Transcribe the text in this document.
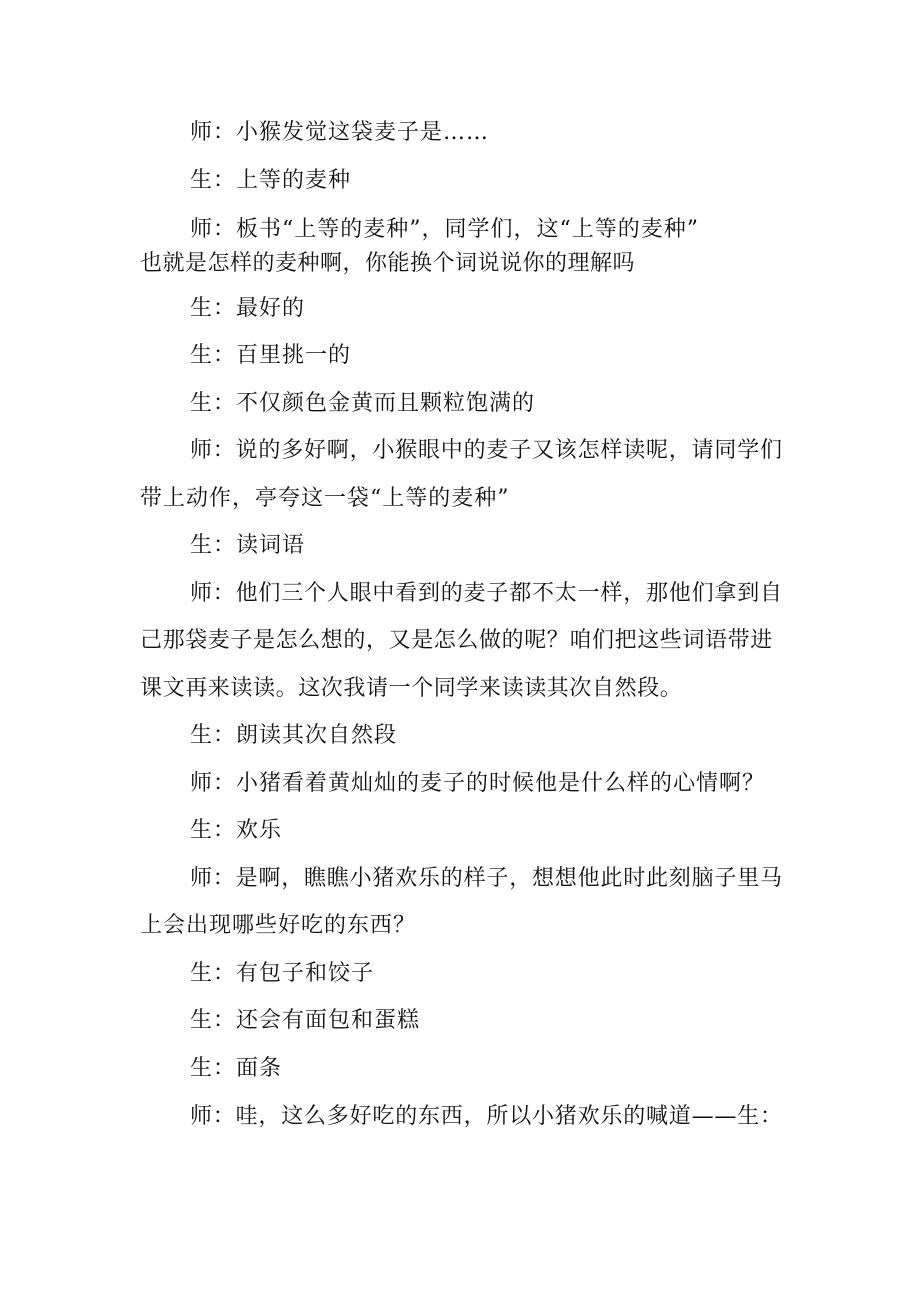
师：小猴发觉这袋麦子是……
生：上等的麦种
师：板书“上等的麦种”，同学们，这“上等的麦种”
也就是怎样的麦种啊，你能换个词说说你的理解吗
生：最好的
生：百里挑一的
生：不仅颜色金黄而且颗粒饱满的
师：说的多好啊，小猴眼中的麦子又该怎样读呢，请同学们
带上动作，亭夸这一袋“上等的麦种”
生：读词语
师：他们三个人眼中看到的麦子都不太一样，那他们拿到自
己那袋麦子是怎么想的，又是怎么做的呢？咱们把这些词语带进
课文再来读读。这次我请一个同学来读读其次自然段。
生：朗读其次自然段
师：小猪看着黄灿灿的麦子的时候他是什么样的心情啊？
生：欢乐
师：是啊，瞧瞧小猪欢乐的样子，想想他此时此刻脑子里马
上会出现哪些好吃的东西？
生：有包子和饺子
生：还会有面包和蛋糕
生：面条
师：哇，这么多好吃的东西，所以小猪欢乐的喊道——生：
